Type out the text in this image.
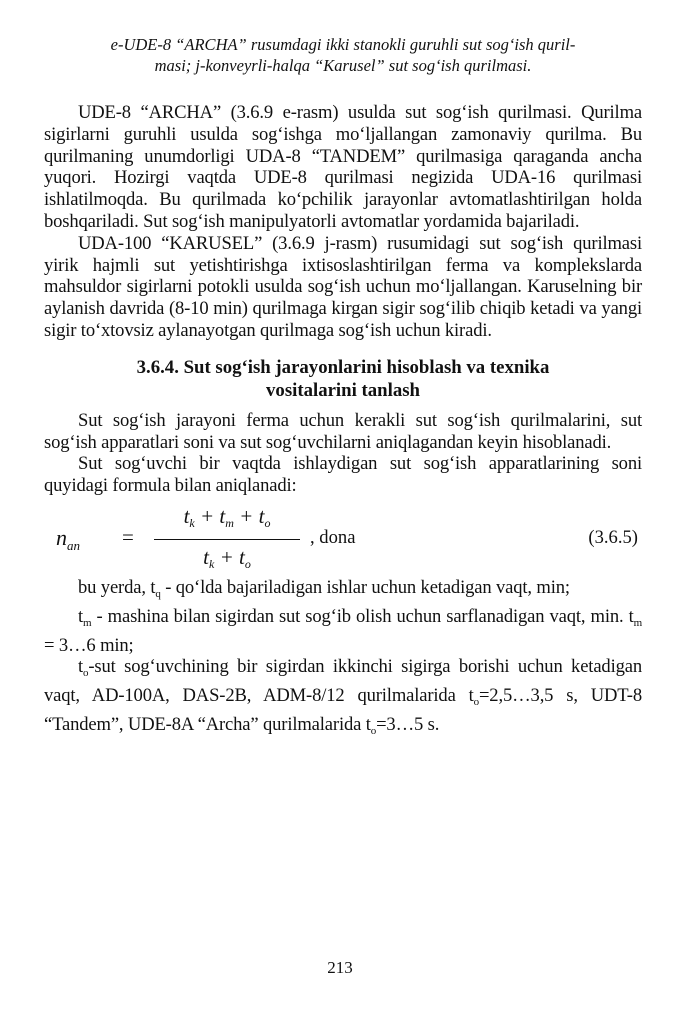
e-UDE-8 “ARCHA” rusumdagi ikki stanokli guruhli sut sog‘ish quril-
masi; j-konveyrli-halqa “Karusel” sut sog‘ish qurilmasi.

UDE-8 “ARCHA” (3.6.9 e-rasm) usulda sut sog‘ish qurilmasi. Qurilma sigirlarni guruhli usulda sog‘ishga mo‘ljallangan zamonaviy qurilma. Bu qurilmaning unumdorligi UDA-8 “TANDEM” qurilmasiga qaraganda ancha yuqori. Hozirgi vaqtda UDE-8 qurilmasi negizida UDA-16 qurilmasi ishlatilmoqda. Bu qurilmada ko‘pchilik jarayonlar avtomatlashtirilgan holda boshqariladi. Sut sog‘ish manipulyatorli avtomatlar yordamida bajariladi.

UDA-100 “KARUSEL” (3.6.9 j-rasm) rusumidagi sut sog‘ish qurilmasi yirik hajmli sut yetishtirishga ixtisoslashtirilgan ferma va komplekslarda mahsuldor sigirlarni potokli usulda sog‘ish uchun mo‘ljallangan. Karuselning bir aylanish davrida (8-10 min) qurilmaga kirgan sigir sog‘ilib chiqib ketadi va yangi sigir to‘xtovsiz aylanayotgan qurilmaga sog‘ish uchun kiradi.

3.6.4. Sut sog‘ish jarayonlarini hisoblash va texnika
vositalarini tanlash

Sut sog‘ish jarayoni ferma uchun kerakli sut sog‘ish qurilmalarini, sut sog‘ish apparatlari soni va sut sog‘uvchilarni aniqlagandan keyin hisoblanadi.

Sut sog‘uvchi bir vaqtda ishlaydigan sut sog‘ish apparatlarining soni quyidagi formula bilan aniqlanadi:

$n_{an}$ =
$t_k + t_m + t_o$
$t_k + t_o$
, dona	(3.6.5)

bu yerda, $t_q$ - qo‘lda bajariladigan ishlar uchun ketadigan vaqt, min;

$t_m$ - mashina bilan sigirdan sut sog‘ib olish uchun sarflanadigan vaqt, min. $t_m$ = 3…6 min;

$t_o$-sut sog‘uvchining bir sigirdan ikkinchi sigirga borishi uchun ketadigan vaqt, AD-100A, DAS-2B, ADM-8/12 qurilmalarida $t_o=2,5\dots 3,5$ s, UDT-8 “Tandem”, UDE-8A “Archa” qurilmalarida $t_o=3\dots 5$ s.

213
